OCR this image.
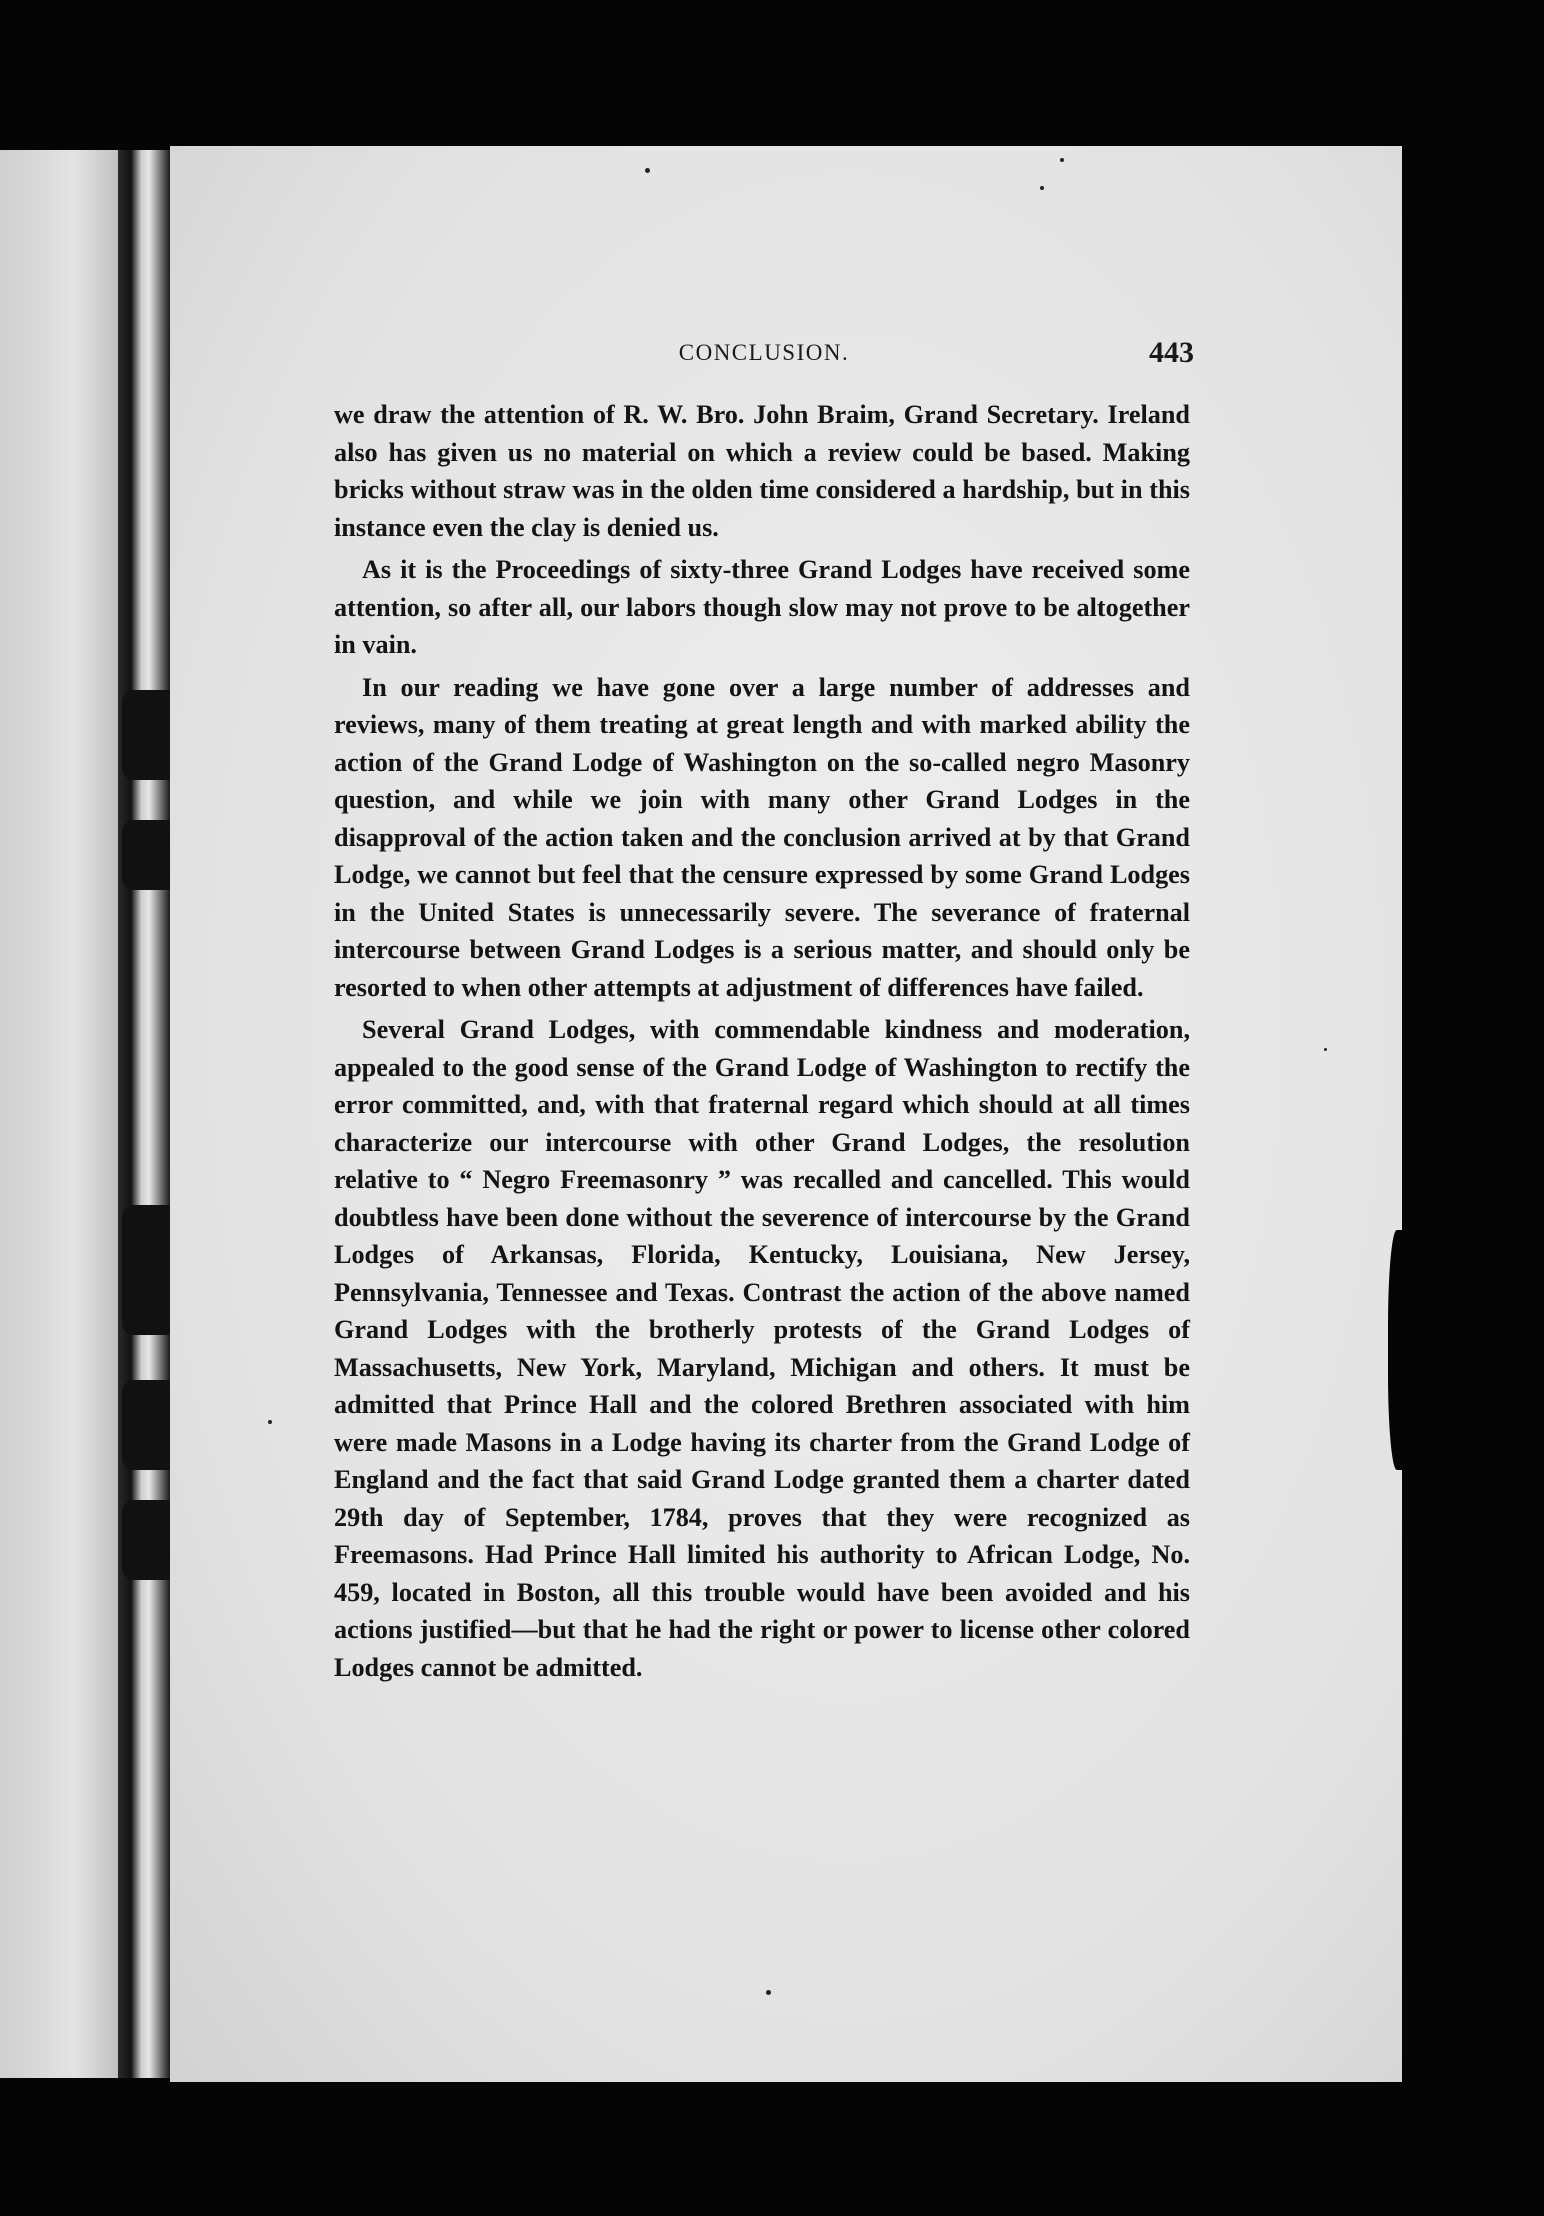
CONCLUSION.	443

we draw the attention of R. W. Bro. John Braim, Grand Secretary. Ireland also has given us no material on which a review could be based. Making bricks without straw was in the olden time considered a hardship, but in this instance even the clay is denied us.

As it is the Proceedings of sixty-three Grand Lodges have received some attention, so after all, our labors though slow may not prove to be altogether in vain.

In our reading we have gone over a large number of addresses and reviews, many of them treating at great length and with marked ability the action of the Grand Lodge of Washington on the so-called negro Masonry question, and while we join with many other Grand Lodges in the disapproval of the action taken and the conclusion arrived at by that Grand Lodge, we cannot but feel that the censure expressed by some Grand Lodges in the United States is unnecessarily severe. The severance of fraternal intercourse between Grand Lodges is a serious matter, and should only be resorted to when other attempts at adjustment of differences have failed.

Several Grand Lodges, with commendable kindness and moderation, appealed to the good sense of the Grand Lodge of Washington to rectify the error committed, and, with that fraternal regard which should at all times characterize our intercourse with other Grand Lodges, the resolution relative to “ Negro Freemasonry ” was recalled and cancelled. This would doubtless have been done without the severence of intercourse by the Grand Lodges of Arkansas, Florida, Kentucky, Louisiana, New Jersey, Pennsylvania, Tennessee and Texas. Contrast the action of the above named Grand Lodges with the brotherly protests of the Grand Lodges of Massachusetts, New York, Maryland, Michigan and others. It must be admitted that Prince Hall and the colored Brethren associated with him were made Masons in a Lodge having its charter from the Grand Lodge of England and the fact that said Grand Lodge granted them a charter dated 29th day of September, 1784, proves that they were recognized as Freemasons. Had Prince Hall limited his authority to African Lodge, No. 459, located in Boston, all this trouble would have been avoided and his actions justified—but that he had the right or power to license other colored Lodges cannot be admitted.
